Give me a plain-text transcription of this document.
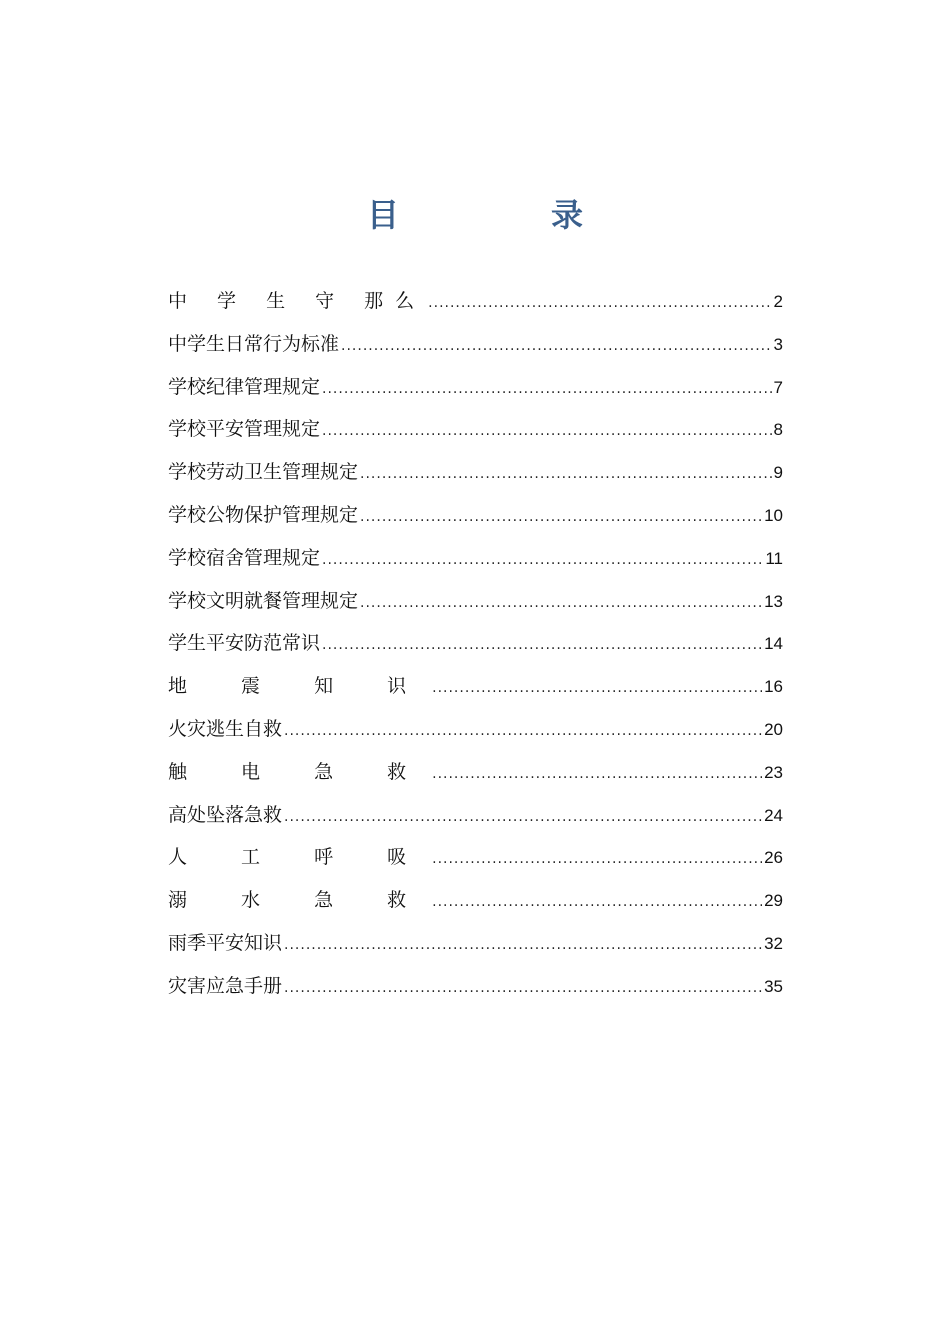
目　录
中 学 生 守 那么 .....	2
中学生日常行为标准 .....	3
学校纪律管理规定 .....	7
学校平安管理规定 .....	8
学校劳动卫生管理规定 .....	9
学校公物保护管理规定 .....	10
学校宿舍管理规定 .....	11
学校文明就餐管理规定 .....	13
学生平安防范常识 .....	14
地 震 知 识 .....	16
火灾逃生自救 .....	20
触 电 急 救 .....	23
高处坠落急救 .....	24
人 工 呼 吸 .....	26
溺 水 急 救 .....	29
雨季平安知识 .....	32
灾害应急手册 .....	35
